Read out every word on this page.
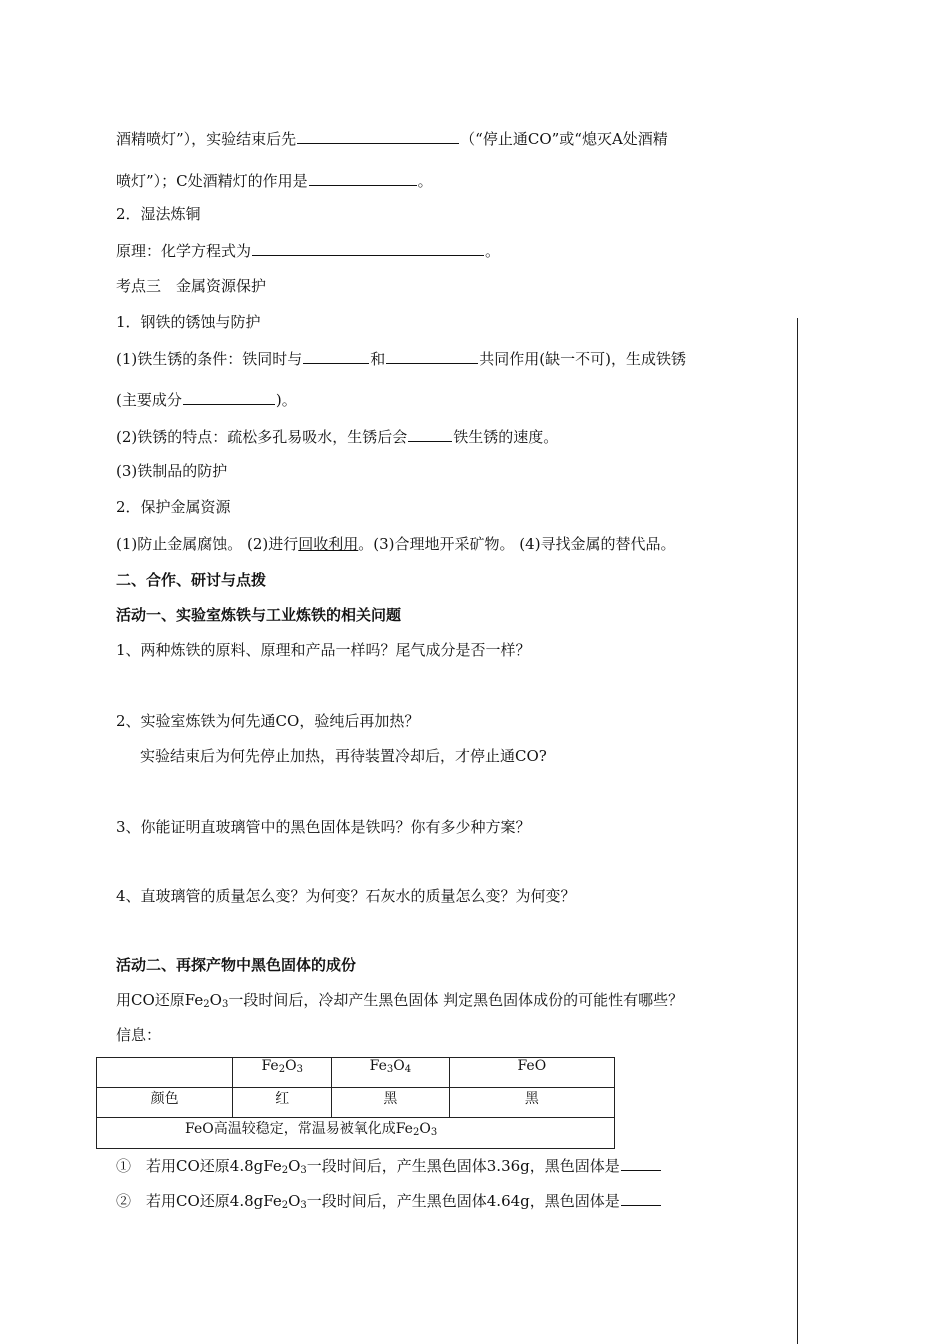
酒精喷灯”），实验结束后先	（“停止通CO”或“熄灭A处酒精
喷灯”）；C处酒精灯的作用是	。
2．湿法炼铜
原理：化学方程式为	。
考点三　金属资源保护
1．钢铁的锈蚀与防护
(1)铁生锈的条件：铁同时与	和	共同作用(缺一不可)，生成铁锈
(主要成分	)。
(2)铁锈的特点：疏松多孔易吸水，生锈后会	铁生锈的速度。
(3)铁制品的防护
2．保护金属资源
(1)防止金属腐蚀。 (2)进行回收利用。(3)合理地开采矿物。 (4)寻找金属的替代品。
二、合作、研讨与点拨
活动一、实验室炼铁与工业炼铁的相关问题
1、两种炼铁的原料、原理和产品一样吗？尾气成分是否一样？
2、实验室炼铁为何先通CO，验纯后再加热？
实验结束后为何先停止加热，再待装置冷却后，才停止通CO?
3、你能证明直玻璃管中的黑色固体是铁吗？你有多少种方案？
4、直玻璃管的质量怎么变？为何变？石灰水的质量怎么变？为何变？
活动二、再探产物中黑色固体的成份
用CO还原$Fe_2O_3$一段时间后，冷却产生黑色固体 判定黑色固体成份的可能性有哪些？
信息：
	$Fe_2O_3$	$Fe_3O_4$	FeO
颜色	红	黑	黑
FeO高温较稳定，常温易被氧化成$Fe_2O_3$
①　若用CO还原$4.8gFe_2O_3$一段时间后，产生黑色固体3.36g，黑色固体是
②　若用CO还原$4.8gFe_2O_3$一段时间后，产生黑色固体4.64g，黑色固体是
